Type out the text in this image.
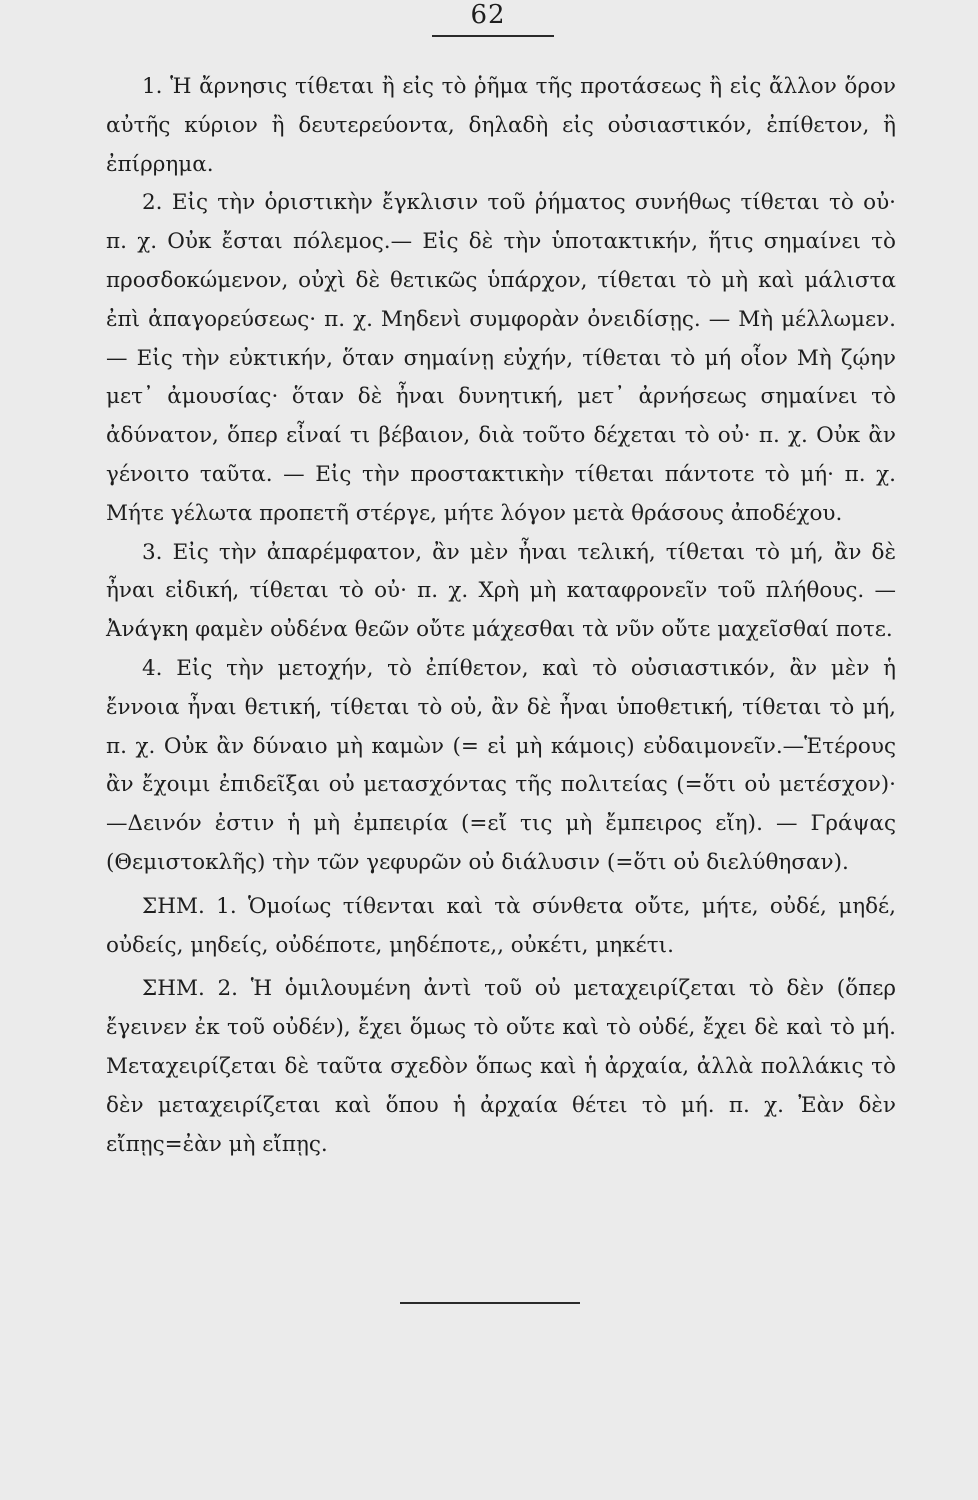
62

1. Ἡ ἄρνησις τίθεται ἢ εἰς τὸ ῥῆμα τῆς προτάσεως ἢ εἰς ἄλλον ὅρον αὐτῆς κύριον ἢ δευτερεύοντα, δηλαδὴ εἰς οὐσιαστικόν, ἐπίθετον, ἢ ἐπίρρημα.

2. Εἰς τὴν ὁριστικὴν ἔγκλισιν τοῦ ῥήματος συνήθως τίθεται τὸ οὐ· π. χ. Οὐκ ἔσται πόλεμος.— Εἰς δὲ τὴν ὑποτακτικήν, ἥτις σημαίνει τὸ προσδοκώμενον, οὐχὶ δὲ θετικῶς ὑπάρχον, τίθεται τὸ μὴ καὶ μάλιστα ἐπὶ ἀπαγορεύσεως· π. χ. Μηδενὶ συμφορὰν ὀνειδίσῃς. — Μὴ μέλλωμεν. — Εἰς τὴν εὐκτικήν, ὅταν σημαίνῃ εὐχήν, τίθεται τὸ μή οἷον Μὴ ζῴην μετ᾽ ἀμουσίας· ὅταν δὲ ἦναι δυνητική, μετ᾽ ἀρνήσεως σημαίνει τὸ ἀδύνατον, ὅπερ εἶναί τι βέβαιον, διὰ τοῦτο δέχεται τὸ οὐ· π. χ. Οὐκ ἂν γένοιτο ταῦτα. — Εἰς τὴν προστακτικὴν τίθεται πάντοτε τὸ μή· π. χ. Μήτε γέλωτα προπετῆ στέργε, μήτε λόγον μετὰ θράσους ἀποδέχου.

3. Εἰς τὴν ἀπαρέμφατον, ἂν μὲν ἦναι τελική, τίθεται τὸ μή, ἂν δὲ ἦναι εἰδική, τίθεται τὸ οὐ· π. χ. Χρὴ μὴ καταφρονεῖν τοῦ πλήθους. — Ἀνάγκη φαμὲν οὐδένα θεῶν οὔτε μάχεσθαι τὰ νῦν οὔτε μαχεῖσθαί ποτε.

4. Εἰς τὴν μετοχήν, τὸ ἐπίθετον, καὶ τὸ οὐσιαστικόν, ἂν μὲν ἡ ἔννοια ἦναι θετική, τίθεται τὸ οὐ, ἂν δὲ ἦναι ὑποθετική, τίθεται τὸ μή, π. χ. Οὐκ ἂν δύναιο μὴ καμὼν (= εἰ μὴ κάμοις) εὐδαιμονεῖν.—Ἑτέρους ἂν ἔχοιμι ἐπιδεῖξαι οὐ μετασχόντας τῆς πολιτείας (=ὅτι οὐ μετέσχον)·—Δεινόν ἐστιν ἡ μὴ ἐμπειρία (=εἴ τις μὴ ἔμπειρος εἴη). — Γράψας (Θεμιστοκλῆς) τὴν τῶν γεφυρῶν οὐ διάλυσιν (=ὅτι οὐ διελύθησαν).

ΣΗΜ. 1. Ὁμοίως τίθενται καὶ τὰ σύνθετα οὔτε, μήτε, οὐδέ, μηδέ, οὐδείς, μηδείς, οὐδέποτε, μηδέποτε,, οὐκέτι, μηκέτι.

ΣΗΜ. 2. Ἡ ὁμιλουμένη ἀντὶ τοῦ οὐ μεταχειρίζεται τὸ δὲν (ὅπερ ἔγεινεν ἐκ τοῦ οὐδέν), ἔχει ὅμως τὸ οὔτε καὶ τὸ οὐδέ, ἔχει δὲ καὶ τὸ μή. Μεταχειρίζεται δὲ ταῦτα σχεδὸν ὅπως καὶ ἡ ἀρχαία, ἀλλὰ πολλάκις τὸ δὲν μεταχειρίζεται καὶ ὅπου ἡ ἀρχαία θέτει τὸ μή. π. χ. Ἐὰν δὲν εἴπῃς=ἐὰν μὴ εἴπῃς.
